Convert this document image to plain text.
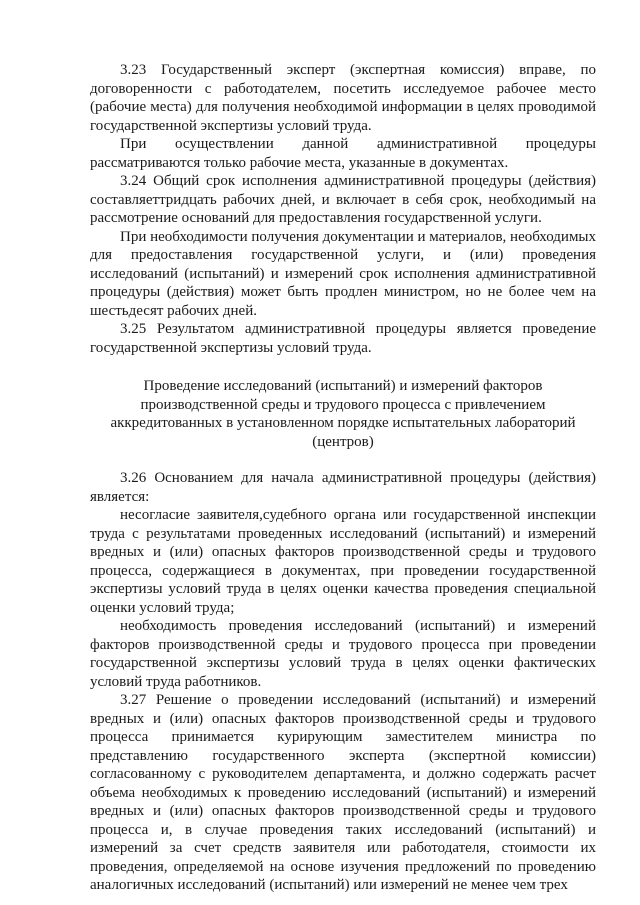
3.23 Государственный эксперт (экспертная комиссия) вправе, по договоренности с работодателем, посетить исследуемое рабочее место (рабочие места) для получения необходимой информации в целях проводимой государственной экспертизы условий труда.

При осуществлении данной административной процедуры рассматриваются только рабочие места, указанные в документах.

3.24 Общий срок исполнения административной процедуры (действия) составляеттридцать рабочих дней, и включает в себя срок, необходимый на рассмотрение оснований для предоставления государственной услуги.

При необходимости получения документации и материалов, необходимых для предоставления государственной услуги, и (или) проведения исследований (испытаний) и измерений срок исполнения административной процедуры (действия) может быть продлен министром, но не более чем на шестьдесят рабочих дней.

3.25 Результатом административной процедуры является проведение государственной экспертизы условий труда.

Проведение исследований (испытаний) и измерений факторов производственной среды и трудового процесса с привлечением аккредитованных в установленном порядке испытательных лабораторий (центров)

3.26 Основанием для начала административной процедуры (действия) является:

несогласие заявителя,судебного органа или государственной инспекции труда с результатами проведенных исследований (испытаний) и измерений вредных и (или) опасных факторов производственной среды и трудового процесса, содержащиеся в документах, при проведении государственной экспертизы условий труда в целях оценки качества проведения специальной оценки условий труда;

необходимость проведения исследований (испытаний) и измерений факторов производственной среды и трудового процесса при проведении государственной экспертизы условий труда в целях оценки фактических условий труда работников.

3.27 Решение о проведении исследований (испытаний) и измерений вредных и (или) опасных факторов производственной среды и трудового процесса принимается курирующим заместителем министра по представлению государственного эксперта (экспертной комиссии) согласованному с руководителем департамента, и должно содержать расчет объема необходимых к проведению исследований (испытаний) и измерений вредных и (или) опасных факторов производственной среды и трудового процесса и, в случае проведения таких исследований (испытаний) и измерений за счет средств заявителя или работодателя, стоимости их проведения, определяемой на основе изучения предложений по проведению аналогичных исследований (испытаний) или измерений не менее чем трех
